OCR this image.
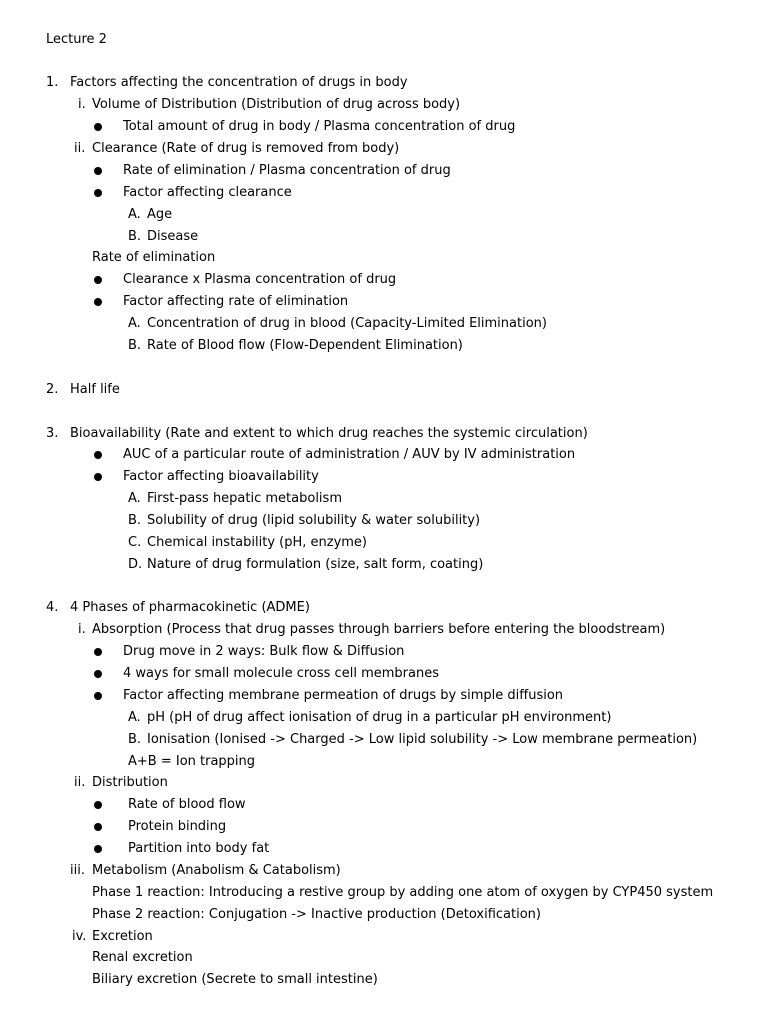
Lecture 2
1. Factors affecting the concentration of drugs in body
i. Volume of Distribution (Distribution of drug across body)
Total amount of drug in body / Plasma concentration of drug
ii. Clearance (Rate of drug is removed from body)
Rate of elimination / Plasma concentration of drug
Factor affecting clearance
A. Age
B. Disease
Rate of elimination
Clearance x Plasma concentration of drug
Factor affecting rate of elimination
A. Concentration of drug in blood (Capacity-Limited Elimination)
B. Rate of Blood flow (Flow-Dependent Elimination)
2. Half life
3. Bioavailability (Rate and extent to which drug reaches the systemic circulation)
AUC of a particular route of administration / AUV by IV administration
Factor affecting bioavailability
A. First-pass hepatic metabolism
B. Solubility of drug (lipid solubility & water solubility)
C. Chemical instability (pH, enzyme)
D. Nature of drug formulation (size, salt form, coating)
4. 4 Phases of pharmacokinetic (ADME)
i. Absorption (Process that drug passes through barriers before entering the bloodstream)
Drug move in 2 ways: Bulk flow & Diffusion
4 ways for small molecule cross cell membranes
Factor affecting membrane permeation of drugs by simple diffusion
A. pH (pH of drug affect ionisation of drug in a particular pH environment)
B. Ionisation (Ionised -> Charged -> Low lipid solubility -> Low membrane permeation)
A+B = Ion trapping
ii. Distribution
Rate of blood flow
Protein binding
Partition into body fat
iii. Metabolism (Anabolism & Catabolism)
Phase 1 reaction: Introducing a restive group by adding one atom of oxygen by CYP450 system
Phase 2 reaction: Conjugation -> Inactive production (Detoxification)
iv. Excretion
Renal excretion
Biliary excretion (Secrete to small intestine)
